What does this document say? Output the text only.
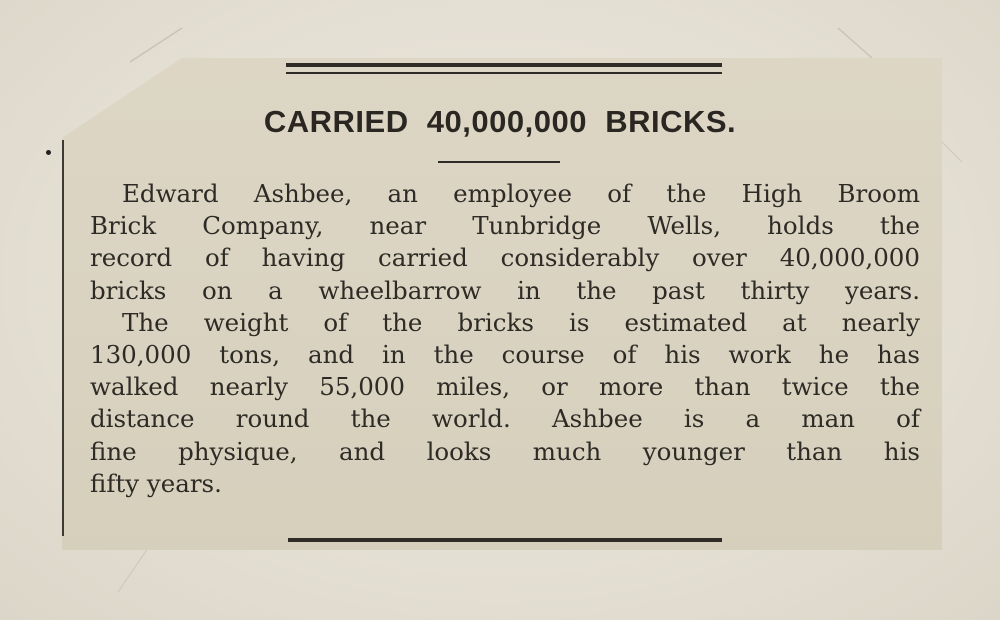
CARRIED  40,000,000  BRICKS.
Edward Ashbee, an employee of the High Broom
Brick Company, near Tunbridge Wells, holds the
record of having carried considerably over 40,000,000
bricks on a wheelbarrow in the past thirty years.
The weight of the bricks is estimated at nearly
130,000 tons, and in the course of his work he has
walked nearly 55,000 miles, or more than twice the
distance round the world. Ashbee is a man of
fine physique, and looks much younger than his
fifty years.
